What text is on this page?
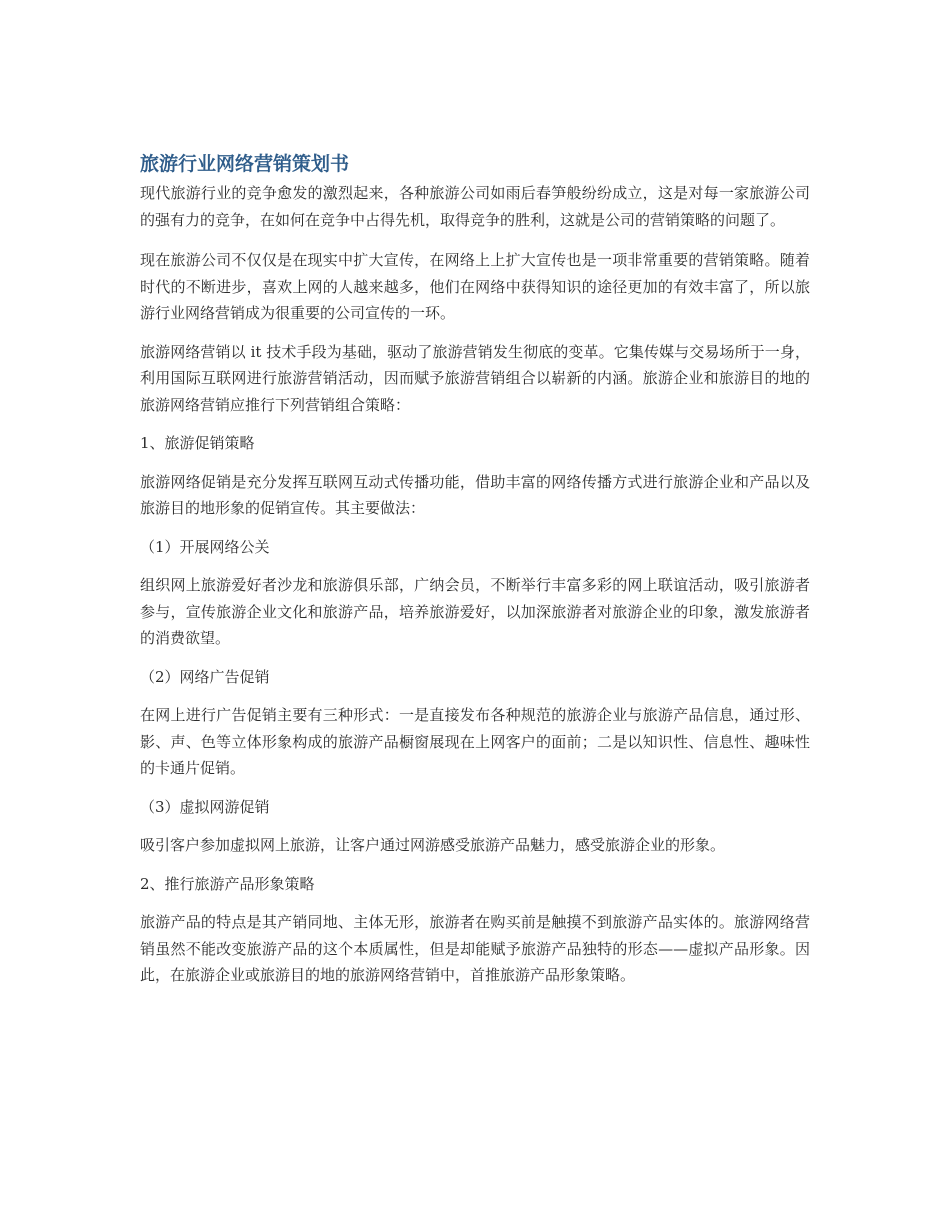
旅游行业网络营销策划书

现代旅游行业的竞争愈发的激烈起来，各种旅游公司如雨后春笋般纷纷成立，这是对每一家旅游公司的强有力的竞争，在如何在竞争中占得先机，取得竞争的胜利，这就是公司的营销策略的问题了。

现在旅游公司不仅仅是在现实中扩大宣传，在网络上上扩大宣传也是一项非常重要的营销策略。随着时代的不断进步，喜欢上网的人越来越多，他们在网络中获得知识的途径更加的有效丰富了，所以旅游行业网络营销成为很重要的公司宣传的一环。

旅游网络营销以 it 技术手段为基础，驱动了旅游营销发生彻底的变革。它集传媒与交易场所于一身，利用国际互联网进行旅游营销活动，因而赋予旅游营销组合以崭新的内涵。旅游企业和旅游目的地的旅游网络营销应推行下列营销组合策略：

1、旅游促销策略

旅游网络促销是充分发挥互联网互动式传播功能，借助丰富的网络传播方式进行旅游企业和产品以及旅游目的地形象的促销宣传。其主要做法：

（1）开展网络公关

组织网上旅游爱好者沙龙和旅游俱乐部，广纳会员，不断举行丰富多彩的网上联谊活动，吸引旅游者参与，宣传旅游企业文化和旅游产品，培养旅游爱好，以加深旅游者对旅游企业的印象，激发旅游者的消费欲望。

（2）网络广告促销

在网上进行广告促销主要有三种形式：一是直接发布各种规范的旅游企业与旅游产品信息，通过形、影、声、色等立体形象构成的旅游产品橱窗展现在上网客户的面前；二是以知识性、信息性、趣味性的卡通片促销。

（3）虚拟网游促销

吸引客户参加虚拟网上旅游，让客户通过网游感受旅游产品魅力，感受旅游企业的形象。

2、推行旅游产品形象策略

旅游产品的特点是其产销同地、主体无形，旅游者在购买前是触摸不到旅游产品实体的。旅游网络营销虽然不能改变旅游产品的这个本质属性，但是却能赋予旅游产品独特的形态——虚拟产品形象。因此，在旅游企业或旅游目的地的旅游网络营销中，首推旅游产品形象策略。
